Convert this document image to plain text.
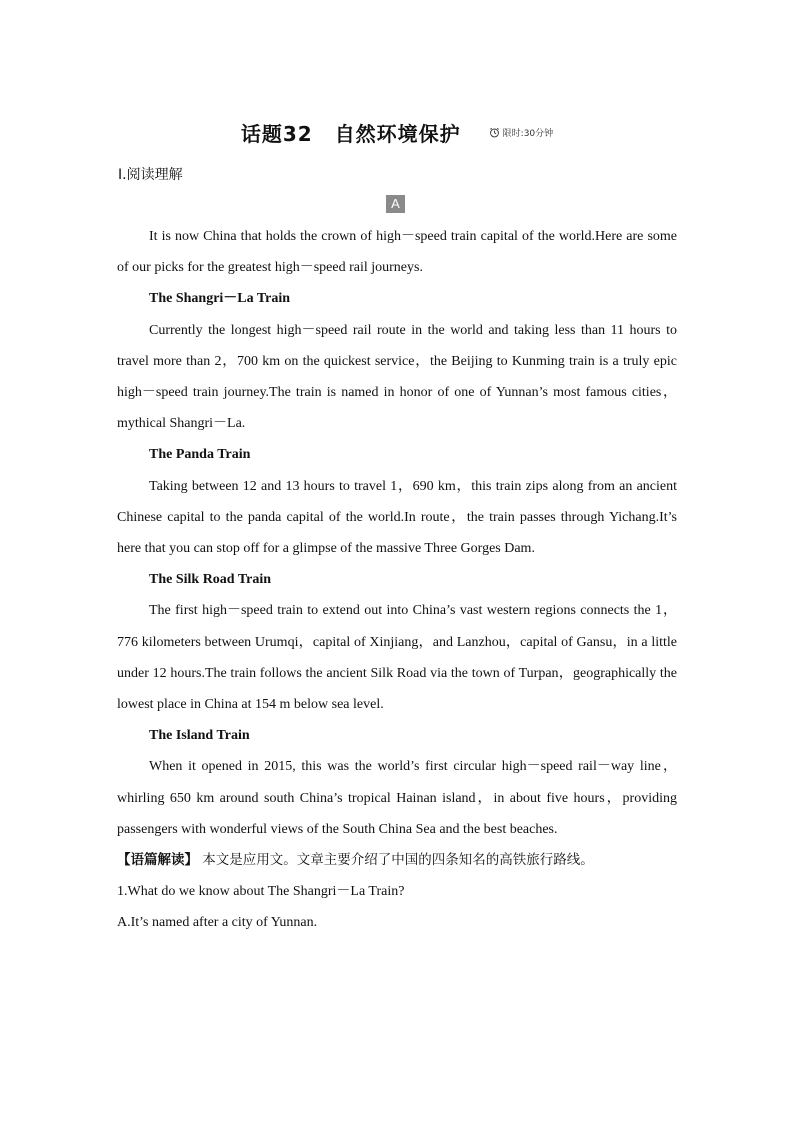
话题32 自然环境保护	限时:30分钟
Ⅰ.阅读理解
A

It is now China that holds the crown of high－speed train capital of the world.Here are some of our picks for the greatest high－speed rail journeys.

The Shangri－La Train

Currently the longest high－speed rail route in the world and taking less than 11 hours to travel more than 2，700 km on the quickest service，the Beijing to Kunming train is a truly epic high－speed train journey.The train is named in honor of one of Yunnan’s most famous cities，mythical Shangri－La.

The Panda Train

Taking between 12 and 13 hours to travel 1，690 km，this train zips along from an ancient Chinese capital to the panda capital of the world.In route，the train passes through Yichang.It’s here that you can stop off for a glimpse of the massive Three Gorges Dam.

The Silk Road Train

The first high－speed train to extend out into China’s vast western regions connects the 1，776 kilometers between Urumqi，capital of Xinjiang，and Lanzhou，capital of Gansu，in a little under 12 hours.The train follows the ancient Silk Road via the town of Turpan，geographically the lowest place in China at 154 m below sea level.

The Island Train

When it opened in 2015, this was the world’s first circular high－speed rail－way line，whirling 650 km around south China’s tropical Hainan island，in about five hours，providing passengers with wonderful views of the South China Sea and the best beaches.

【语篇解读】 本文是应用文。文章主要介绍了中国的四条知名的高铁旅行路线。

1.What do we know about The Shangri－La Train?

A.It’s named after a city of Yunnan.
